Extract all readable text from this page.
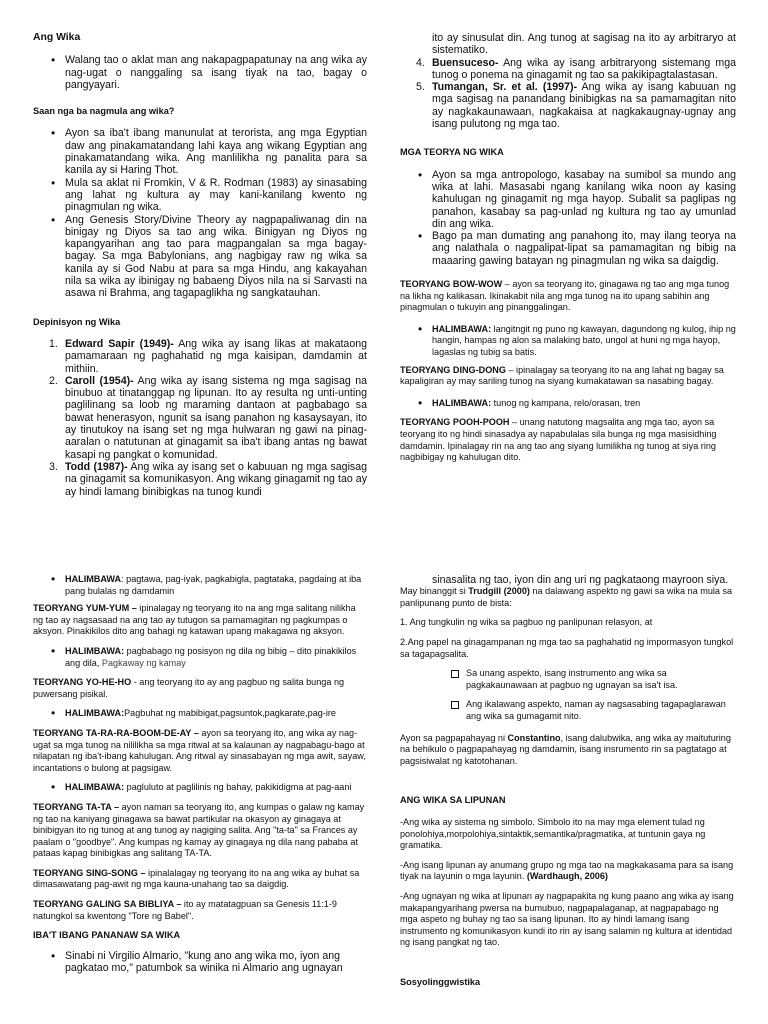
Ang Wika
• Walang tao o aklat man ang nakapagpapatunay na ang wika ay nag-ugat o nanggaling sa isang tiyak na tao, bagay o pangyayari.
Saan nga ba nagmula ang wika?
• Ayon sa iba't ibang manunulat at terorista, ang mga Egyptian daw ang pinakamatandang lahi kaya ang wikang Egyptian ang pinakamatandang wika. Ang manlilikha ng panalita para sa kanila ay si Haring Thot.
• Mula sa aklat ni Fromkin, V & R. Rodman (1983) ay sinasabing ang lahat ng kultura ay may kani-kanilang kwento ng pinagmulan ng wika.
• Ang Genesis Story/Divine Theory ay nagpapaliwanag din na binigay ng Diyos sa tao ang wika. Binigyan ng Diyos ng kapangyarihan ang tao para magpangalan sa mga bagay-bagay. Sa mga Babylonians, ang nagbigay raw ng wika sa kanila ay si God Nabu at para sa mga Hindu, ang kakayahan nila sa wika ay ibinigay ng babaeng Diyos nila na si Sarvasti na asawa ni Brahma, ang tagapaglikha ng sangkatauhan.
Depinisyon ng Wika
1. Edward Sapir (1949)- Ang wika ay isang likas at makataong pamamaraan ng paghahatid ng mga kaisipan, damdamin at mithiin.
2. Caroll (1954)- Ang wika ay isang sistema ng mga sagisag na binubuo at tinatanggap ng lipunan. Ito ay resulta ng unti-unting paglilinang sa loob ng maraming dantaon at pagbabago sa bawat henerasyon, ngunit sa isang panahon ng kasaysayan, ito ay tinutukoy na isang set ng mga hulwaran ng gawi na pinag-aaralan o natutunan at ginagamit sa iba't ibang antas ng bawat kasapi ng pangkat o komunidad.
3. Todd (1987)- Ang wika ay isang set o kabuuan ng mga sagisag na ginagamit sa komunikasyon. Ang wikang ginagamit ng tao ay ay hindi lamang binibigkas na tunog kundi

ito ay sinusulat din. Ang tunog at sagisag na ito ay arbitraryo at sistematiko.

4. Buensuceso- Ang wika ay isang arbitraryong sistemang mga tunog o ponema na ginagamit ng tao sa pakikipagtalastasan.
5. Tumangan, Sr. et al. (1997)- Ang wika ay isang kabuuan ng mga sagisag na panandang binibigkas na sa pamamagitan nito ay nagkakaunawaan, nagkakaisa at nagkakaugnay-ugnay ang isang pulutong ng mga tao.
MGA TEORYA NG WIKA
• Ayon sa mga antropologo, kasabay na sumibol sa mundo ang wika at lahi. Masasabi ngang kanilang wika noon ay kasing kahulugan ng ginagamit ng mga hayop. Subalit sa paglipas ng panahon, kasabay sa pag-unlad ng kultura ng tao ay umunlad din ang wika.
• Bago pa man dumating ang panahong ito, may ilang teorya na ang nalathala o nagpalipat-lipat sa pamamagitan ng bibig na maaaring gawing batayan ng pinagmulan ng wika sa daigdig.

TEORYANG BOW-WOW – ayon sa teoryang ito, ginagawa ng tao ang mga tunog na likha ng kalikasan. Ikinakabit nila ang mga tunog na ito upang sabihin ang pinagmulan o tukuyin ang pinanggalingan.

• HALIMBAWA: langitngit ng puno ng kawayan, dagundong ng kulog, ihip ng hangin, hampas ng alon sa malaking bato, ungol at huni ng mga hayop, lagaslas ng tubig sa batis.

TEORYANG DING-DONG – ipinalagay sa teoryang ito na ang lahat ng bagay sa kapaligiran ay may sariling tunog na siyang kumakatawan sa nasabing bagay.

• HALIMBAWA: tunog ng kampana, relo/orasan, tren

TEORYANG POOH-POOH – unang natutong magsalita ang mga tao, ayon sa teoryang ito ng hindi sinasadya ay napabulalas sila bunga ng mga masisidhing damdamin. Ipinalagay rin na ang tao ang siyang lumilikha ng tunog at siya ring nagbibigay ng kahulugan dito.

• HALIMBAWA: pagtawa, pag-iyak, pagkabigla, pagtataka, pagdaing at iba pang bulalas ng damdamin

TEORYANG YUM-YUM – ipinalagay ng teoryang ito na ang mga salitang nilikha ng tao ay nagsasaad na ang tao ay tutugon sa pamamagitan ng pagkumpas o aksyon. Pinakikilos dito ang bahagi ng katawan upang makagawa ng aksyon.

• HALIMBAWA: pagbabago ng posisyon ng dila ng bibig – dito pinakikilos ang dila, Pagkaway ng kamay

TEORYANG YO-HE-HO - ang teoryang ito ay ang pagbuo ng salita bunga ng puwersang pisikal.

• HALIMBAWA:Pagbuhat ng mabibigat,pagsuntok,pagkarate,pag-ire

TEORYANG TA-RA-RA-BOOM-DE-AY – ayon sa teoryang ito, ang wika ay nag-ugat sa mga tunog na nililikha sa mga ritwal at sa kalaunan ay nagpabagu-bago at nilapatan ng iba't-ibang kahulugan. Ang ritwal ay sinasabayan ng mga awit, sayaw, incantations o bulong at pagsigaw.

• HALIMBAWA: pagluluto at paglilinis ng bahay, pakikidigma at pag-aani

TEORYANG TA-TA – ayon naman sa teoryang ito, ang kumpas o galaw ng kamay ng tao na kaniyang ginagawa sa bawat partikular na okasyon ay ginagaya at binibigyan ito ng tunog at ang tunog ay nagiging salita. Ang "ta-ta" sa Frances ay paalam o "goodbye". Ang kumpas ng kamay ay ginagaya ng dila nang pababa at pataas kapag binibigkas ang salitang TA-TA.

TEORYANG SING-SONG – ipinalalagay ng teoryang ito na ang wika ay buhat sa dimasawatang pag-awit ng mga kauna-unahang tao sa daigdig.

TEORYANG GALING SA BIBLIYA – ito ay matatagpuan sa Genesis 11:1-9 natungkol sa kwentong "Tore ng Babel".

IBA'T IBANG PANANAW SA WIKA
• Sinabi ni Virgilio Almario, "kung ano ang wika mo, iyon ang pagkatao mo," patumbok sa winika ni Almario ang ugnayan

sinasalita ng tao, iyon din ang uri ng pagkataong mayroon siya.

May binanggit si Trudgill (2000) na dalawang aspekto ng gawi sa wika na mula sa panlipunang punto de bista:

1. Ang tungkulin ng wika sa pagbuo ng panlipunan relasyon, at

2.Ang papel na ginagampanan ng mga tao sa paghahatid ng impormasyon tungkol sa tagapagsalita.

Sa unang aspekto, isang instrumento ang wika sa pagkakaunawaan at pagbuo ng ugnayan sa isa't isa.
Ang ikalawang aspekto, naman ay nagsasabing tagapaglarawan ang wika sa gumagamit nito.

Ayon sa pagpapahayag ni Constantino, isang dalubwika, ang wika ay maituturing na behikulo o pagpapahayag ng damdamin, isang insrumento rin sa pagtatago at pagsisiwalat ng katotohanan.

ANG WIKA SA LIPUNAN

-Ang wika ay sistema ng simbolo. Simbolo ito na may mga element tulad ng ponolohiya,morpolohiya,sintaktik,semantika/pragmatika, at tuntunin gaya ng gramatika.

-Ang isang lipunan ay anumang grupo ng mga tao na magkakasama para sa isang tiyak na layunin o mga layunin. (Wardhaugh, 2006)

-Ang ugnayan ng wika at lipunan ay nagpapakita ng kung paano ang wika ay isang makapangyarihang pwersa na bumubuo, nagpapalaganap, at nagpapabago ng mga aspeto ng buhay ng tao sa isang lipunan. Ito ay hindi lamang isang instrumento ng komunikasyon kundi ito rin ay isang salamin ng kultura at identidad ng isang pangkat ng tao.

Sosyolinggwistika
